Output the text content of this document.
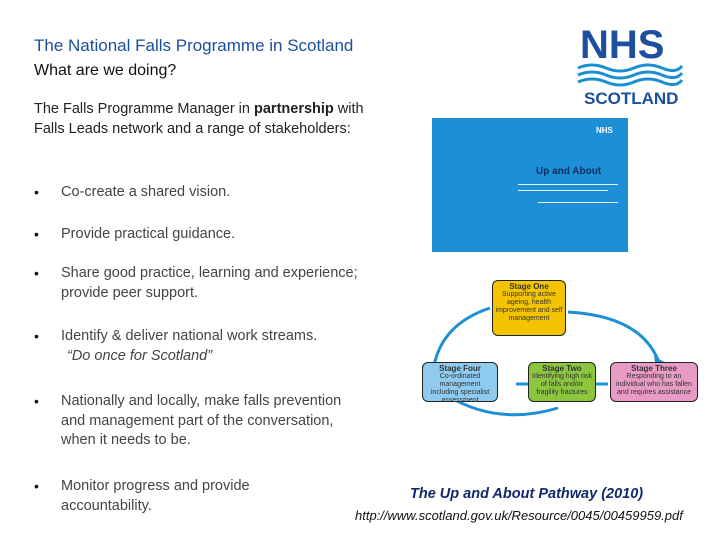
The National Falls Programme in Scotland
What are we doing?
The Falls Programme Manager in partnership with Falls Leads network and a range of stakeholders:
• Co-create a shared vision.
• Provide practical guidance.
• Share good practice, learning and experience; provide peer support.
• Identify & deliver national work streams.
“Do once for Scotland”
• Nationally and locally, make falls prevention and management part of the conversation, when it needs to be.
• Monitor progress and provide accountability.
NHS
SCOTLAND
NHS
Up and About
Stage One
Supporting active ageing, health improvement and self management
Stage Two
Identifying high risk of falls and/or fragility fractures
Stage Three
Responding to an individual who has fallen and requires assistance
Stage Four
Co-ordinated management including specialist assessment
The Up and About Pathway (2010)
http://www.scotland.gov.uk/Resource/0045/00459959.pdf
